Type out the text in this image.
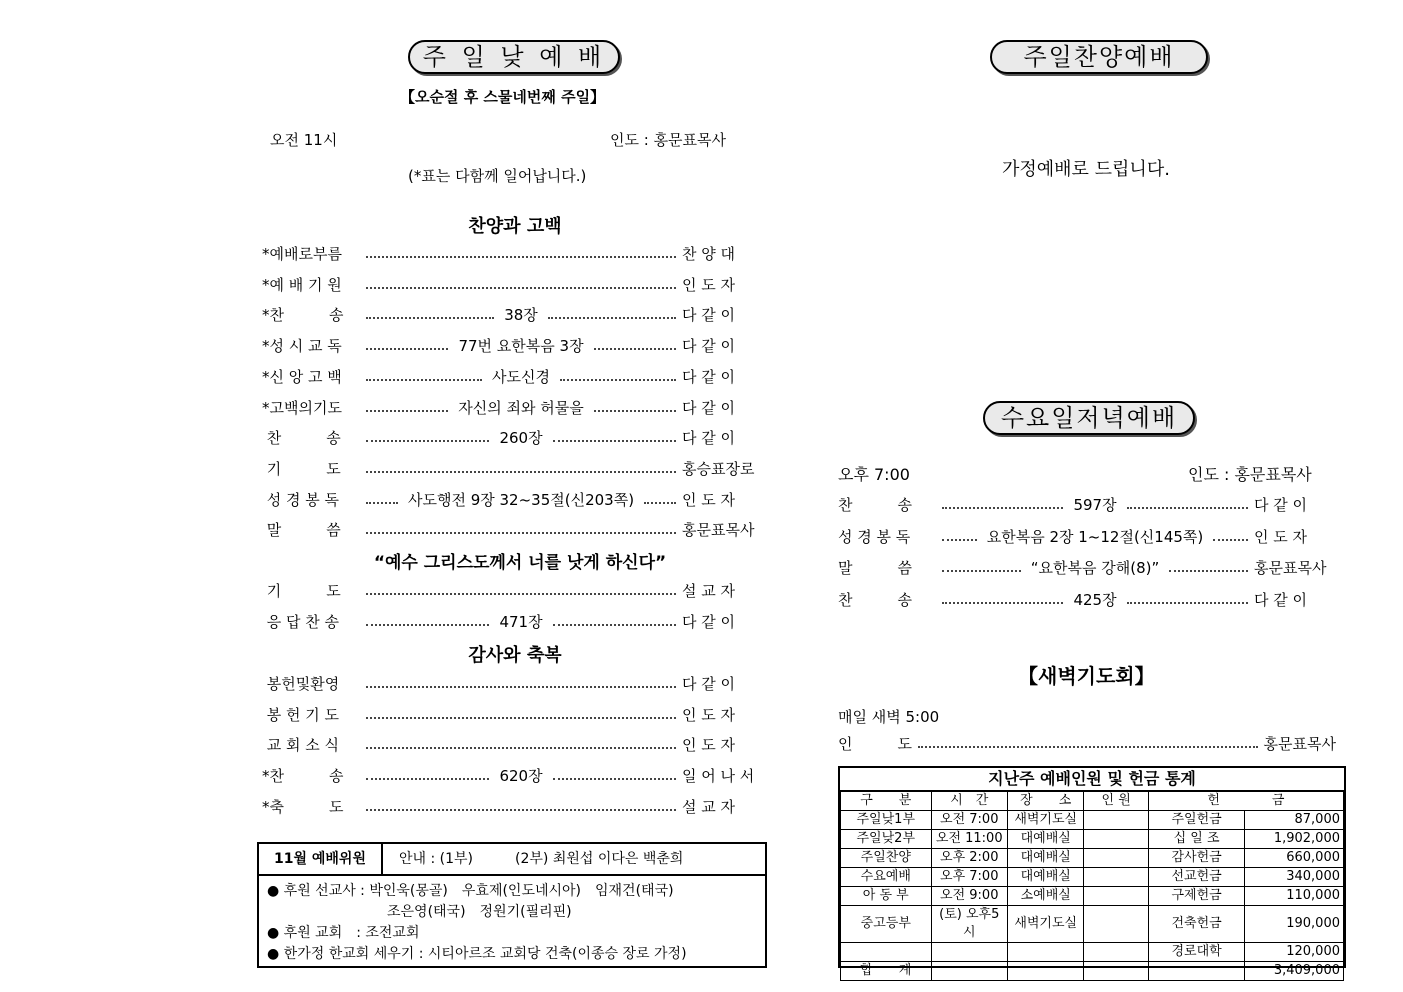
주 일 낮 예 배
【오순절 후 스물네번째 주일】
오전 11시	인도 : 홍문표목사
(*표는 다함께 일어납니다.)
찬양과 고백
*예배로부름	찬 양 대
*예 배 기 원	인 도 자
*찬　　　송	38장	다 같 이
*성 시 교 독	77번 요한복음 3장	다 같 이
*신 앙 고 백	사도신경	다 같 이
*고백의기도	자신의 죄와 허물을	다 같 이
찬　　　송	260장	다 같 이
기　　　도	홍승표장로
성 경 봉 독	사도행전 9장 32~35절(신203쪽)	인 도 자
말　　　씀	홍문표목사
“예수 그리스도께서 너를 낫게 하신다”
기　　　도	설 교 자
응 답 찬 송	471장	다 같 이
감사와 축복
봉헌및환영	다 같 이
봉 헌 기 도	인 도 자
교 회 소 식	인 도 자
*찬　　　송	620장	일 어 나 서
*축　　　도	설 교 자
11월 예배위원	안내 : (1부)　　　(2부) 최원섭 이다은 백춘희
● 후원 선교사 : 박인욱(몽골)　우효제(인도네시아)　임재건(태국)
조은영(태국)　정원기(필리핀)
● 후원 교회　: 조전교회
● 한가정 한교회 세우기 : 시티아르조 교회당 건축(이종승 장로 가정)
주일찬양예배
가정예배로 드립니다.
수요일저녁예배
오후 7:00	인도 : 홍문표목사
찬　　　송	597장	다 같 이
성 경 봉 독	요한복음 2장 1~12절(신145쪽)	인 도 자
말　　　씀	“요한복음 강해(8)”	홍문표목사
찬　　　송	425장	다 같 이
【새벽기도회】
매일 새벽 5:00
인　　　도	홍문표목사
지난주 예배인원 및 헌금 통계
구　　분	시　간	장　　소	인 원	헌　　　　금	
주일낮1부	오전 7:00	새벽기도실		주일헌금	87,000
주일낮2부	오전 11:00	대예배실		십 일 조	1,902,000
주일찬양	오후 2:00	대예배실		감사헌금	660,000
수요예배	오후 7:00	대예배실		선교헌금	340,000
아 동 부	오전 9:00	소예배실		구제헌금	110,000
중고등부	(토) 오후5시	새벽기도실		건축헌금	190,000
				경로대학	120,000
합　　계					3,409,000
